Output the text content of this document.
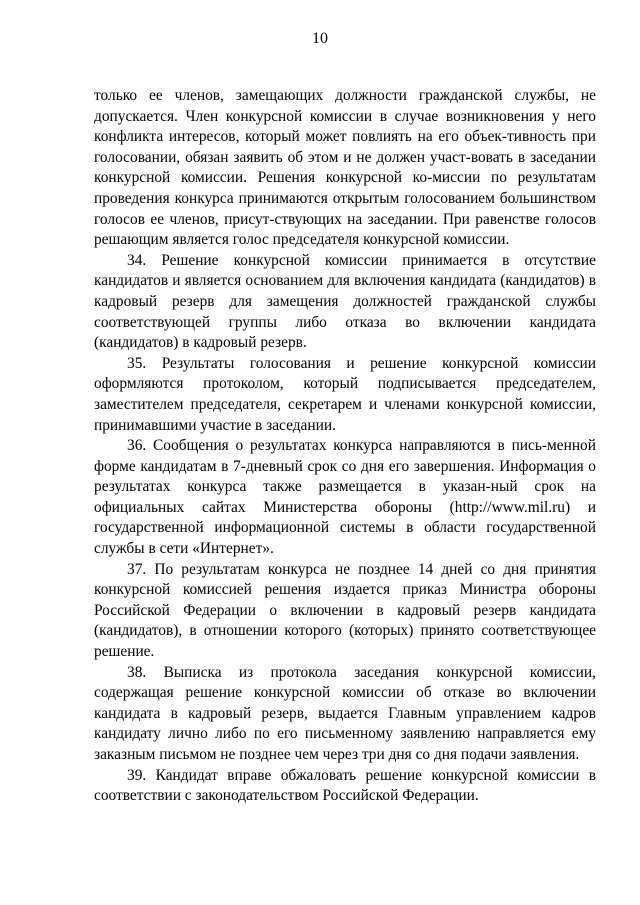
10

только ее членов, замещающих должности гражданской службы, не допускается. Член конкурсной комиссии в случае возникновения у него конфликта интересов, который может повлиять на его объек-тивность при голосовании, обязан заявить об этом и не должен участ-вовать в заседании конкурсной комиссии. Решения конкурсной ко-миссии по результатам проведения конкурса принимаются открытым голосованием большинством голосов ее членов, присут-ствующих на заседании. При равенстве голосов решающим является голос председателя конкурсной комиссии.

34. Решение конкурсной комиссии принимается в отсутствие кандидатов и является основанием для включения кандидата (кандидатов) в кадровый резерв для замещения должностей гражданской службы соответствующей группы либо отказа во включении кандидата (кандидатов) в кадровый резерв.

35. Результаты голосования и решение конкурсной комиссии оформляются протоколом, который подписывается председателем, заместителем председателя, секретарем и членами конкурсной комиссии, принимавшими участие в заседании.

36. Сообщения о результатах конкурса направляются в пись-менной форме кандидатам в 7-дневный срок со дня его завершения. Информация о результатах конкурса также размещается в указан-ный срок на официальных сайтах Министерства обороны (http://www.mil.ru) и государственной информационной системы в области государственной службы в сети «Интернет».

37. По результатам конкурса не позднее 14 дней со дня принятия конкурсной комиссией решения издается приказ Министра обороны Российской Федерации о включении в кадровый резерв кандидата (кандидатов), в отношении которого (которых) принято соответствующее решение.

38. Выписка из протокола заседания конкурсной комиссии, содержащая решение конкурсной комиссии об отказе во включении кандидата в кадровый резерв, выдается Главным управлением кадров кандидату лично либо по его письменному заявлению направляется ему заказным письмом не позднее чем через три дня со дня подачи заявления.

39. Кандидат вправе обжаловать решение конкурсной комиссии в соответствии с законодательством Российской Федерации.
